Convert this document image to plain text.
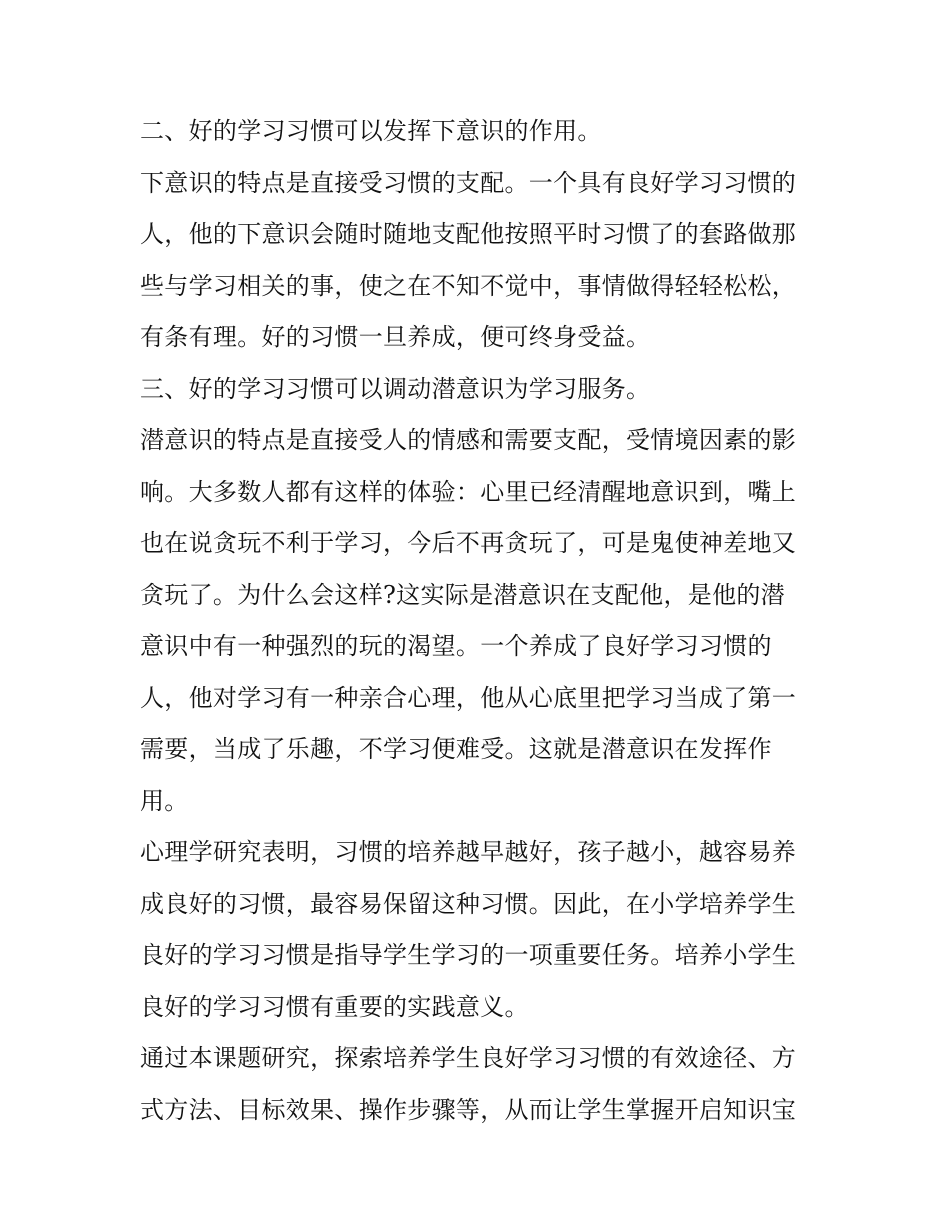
二、好的学习习惯可以发挥下意识的作用。
下意识的特点是直接受习惯的支配。一个具有良好学习习惯的
人，他的下意识会随时随地支配他按照平时习惯了的套路做那
些与学习相关的事，使之在不知不觉中，事情做得轻轻松松，
有条有理。好的习惯一旦养成，便可终身受益。
三、好的学习习惯可以调动潜意识为学习服务。
潜意识的特点是直接受人的情感和需要支配，受情境因素的影
响。大多数人都有这样的体验：心里已经清醒地意识到，嘴上
也在说贪玩不利于学习，今后不再贪玩了，可是鬼使神差地又
贪玩了。为什么会这样?这实际是潜意识在支配他，是他的潜
意识中有一种强烈的玩的渴望。一个养成了良好学习习惯的
人，他对学习有一种亲合心理，他从心底里把学习当成了第一
需要，当成了乐趣，不学习便难受。这就是潜意识在发挥作
用。
心理学研究表明，习惯的培养越早越好，孩子越小，越容易养
成良好的习惯，最容易保留这种习惯。因此，在小学培养学生
良好的学习习惯是指导学生学习的一项重要任务。培养小学生
良好的学习习惯有重要的实践意义。
通过本课题研究，探索培养学生良好学习习惯的有效途径、方
式方法、目标效果、操作步骤等，从而让学生掌握开启知识宝
